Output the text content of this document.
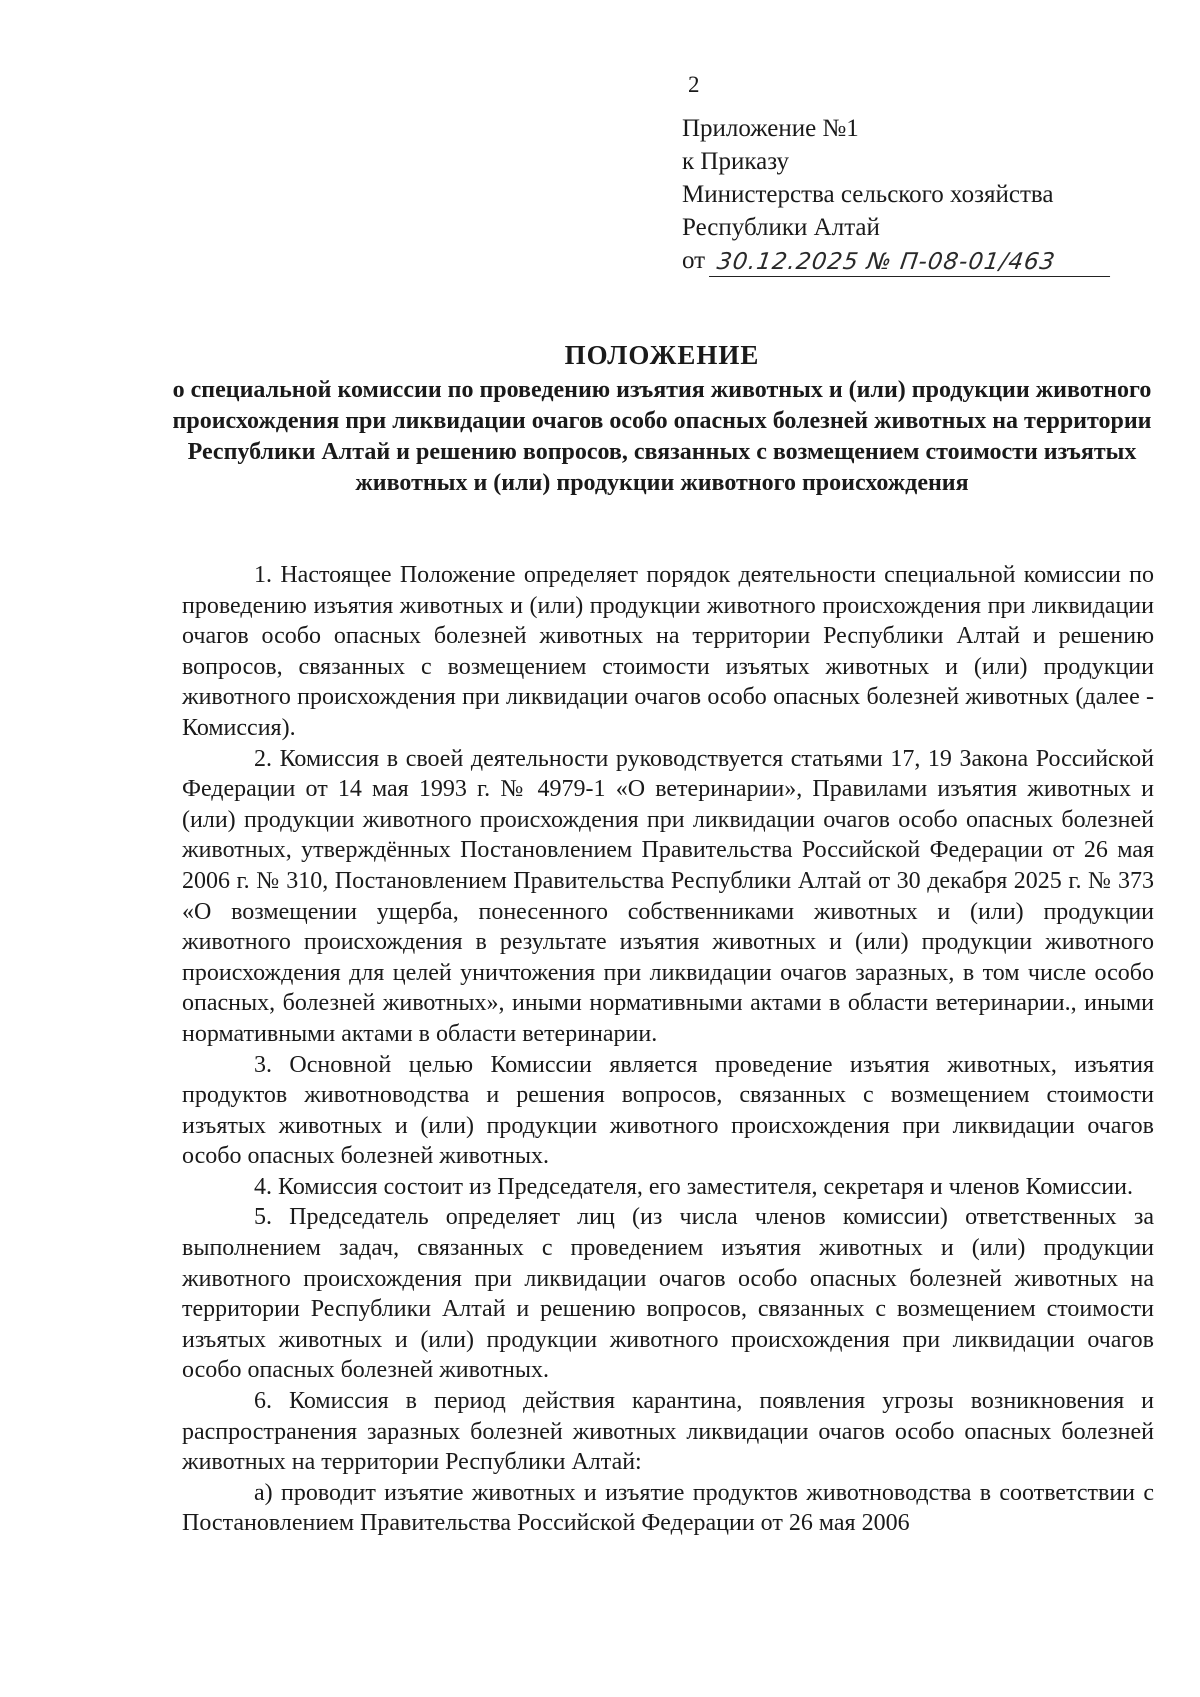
2
Приложение №1
к Приказу
Министерства сельского хозяйства
Республики Алтай
от 30.12.2025 № П-08-01/463
ПОЛОЖЕНИЕ
о специальной комиссии по проведению изъятия животных и (или) продукции животного происхождения при ликвидации очагов особо опасных болезней животных на территории Республики Алтай и решению вопросов, связанных с возмещением стоимости изъятых животных и (или) продукции животного происхождения

1. Настоящее Положение определяет порядок деятельности специальной комиссии по проведению изъятия животных и (или) продукции животного происхождения при ликвидации очагов особо опасных болезней животных на территории Республики Алтай и решению вопросов, связанных с возмещением стоимости изъятых животных и (или) продукции животного происхождения при ликвидации очагов особо опасных болезней животных (далее - Комиссия).

2. Комиссия в своей деятельности руководствуется статьями 17, 19 Закона Российской Федерации от 14 мая 1993 г. № 4979-1 «О ветеринарии», Правилами изъятия животных и (или) продукции животного происхождения при ликвидации очагов особо опасных болезней животных, утверждённых Постановлением Правительства Российской Федерации от 26 мая 2006 г. № 310, Постановлением Правительства Республики Алтай от 30 декабря 2025 г. № 373 «О возмещении ущерба, понесенного собственниками животных и (или) продукции животного происхождения в результате изъятия животных и (или) продукции животного происхождения для целей уничтожения при ликвидации очагов заразных, в том числе особо опасных, болезней животных», иными нормативными актами в области ветеринарии., иными нормативными актами в области ветеринарии.

3. Основной целью Комиссии является проведение изъятия животных, изъятия продуктов животноводства и решения вопросов, связанных с возмещением стоимости изъятых животных и (или) продукции животного происхождения при ликвидации очагов особо опасных болезней животных.

4. Комиссия состоит из Председателя, его заместителя, секретаря и членов Комиссии.

5. Председатель определяет лиц (из числа членов комиссии) ответственных за выполнением задач, связанных с проведением изъятия животных и (или) продукции животного происхождения при ликвидации очагов особо опасных болезней животных на территории Республики Алтай и решению вопросов, связанных с возмещением стоимости изъятых животных и (или) продукции животного происхождения при ликвидации очагов особо опасных болезней животных.

6. Комиссия в период действия карантина, появления угрозы возникновения и распространения заразных болезней животных ликвидации очагов особо опасных болезней животных на территории Республики Алтай:

а) проводит изъятие животных и изъятие продуктов животноводства в соответствии с Постановлением Правительства Российской Федерации от 26 мая 2006
